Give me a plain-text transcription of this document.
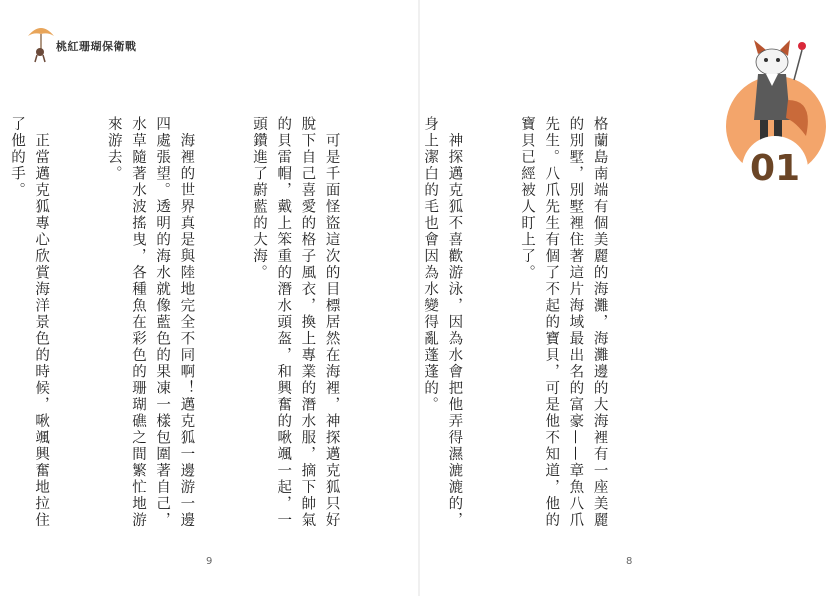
桃紅珊瑚保衛戰
01

格蘭島南端有個美麗的海灘，海灘邊的大海裡有一座美麗的別墅，別墅裡住著這片海域最出名的富豪——章魚八爪先生。八爪先生有個了不起的寶貝，可是他不知道，他的寶貝已經被人盯上了。

　神探邁克狐不喜歡游泳，因為水會把他弄得濕漉漉的，身上潔白的毛也會因為水變得亂蓬蓬的。

　可是千面怪盜這次的目標居然在海裡，神探邁克狐只好脫下自己喜愛的格子風衣，換上專業的潛水服，摘下帥氣的貝雷帽，戴上笨重的潛水頭盔，和興奮的啾颯一起，一頭鑽進了蔚藍的大海。

　海裡的世界真是與陸地完全不同啊！邁克狐一邊游一邊四處張望。透明的海水就像藍色的果凍一樣包圍著自己，水草隨著水波搖曳，各種魚在彩色的珊瑚礁之間繁忙地游來游去。

　正當邁克狐專心欣賞海洋景色的時候，啾颯興奮地拉住了他的手。

9	8
